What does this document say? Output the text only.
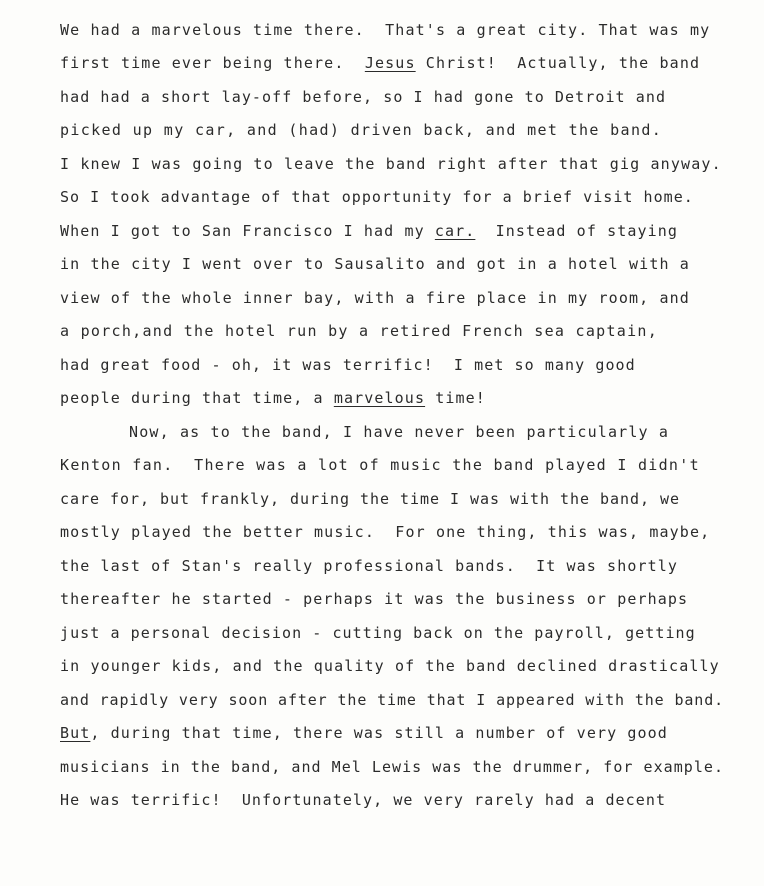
We had a marvelous time there.  That's a great city. That was my
first time ever being there.  Jesus Christ!  Actually, the band
had had a short lay-off before, so I had gone to Detroit and
picked up my car, and (had) driven back, and met the band.
I knew I was going to leave the band right after that gig anyway.
So I took advantage of that opportunity for a brief visit home.
When I got to San Francisco I had my car.  Instead of staying
in the city I went over to Sausalito and got in a hotel with a
view of the whole inner bay, with a fire place in my room, and
a porch,and the hotel run by a retired French sea captain,
had great food - oh, it was terrific!  I met so many good
people during that time, a marvelous time!
Now, as to the band, I have never been particularly a
Kenton fan.  There was a lot of music the band played I didn't
care for, but frankly, during the time I was with the band, we
mostly played the better music.  For one thing, this was, maybe,
the last of Stan's really professional bands.  It was shortly
thereafter he started - perhaps it was the business or perhaps
just a personal decision - cutting back on the payroll, getting
in younger kids, and the quality of the band declined drastically
and rapidly very soon after the time that I appeared with the band.
But, during that time, there was still a number of very good
musicians in the band, and Mel Lewis was the drummer, for example.
He was terrific!  Unfortunately, we very rarely had a decent
